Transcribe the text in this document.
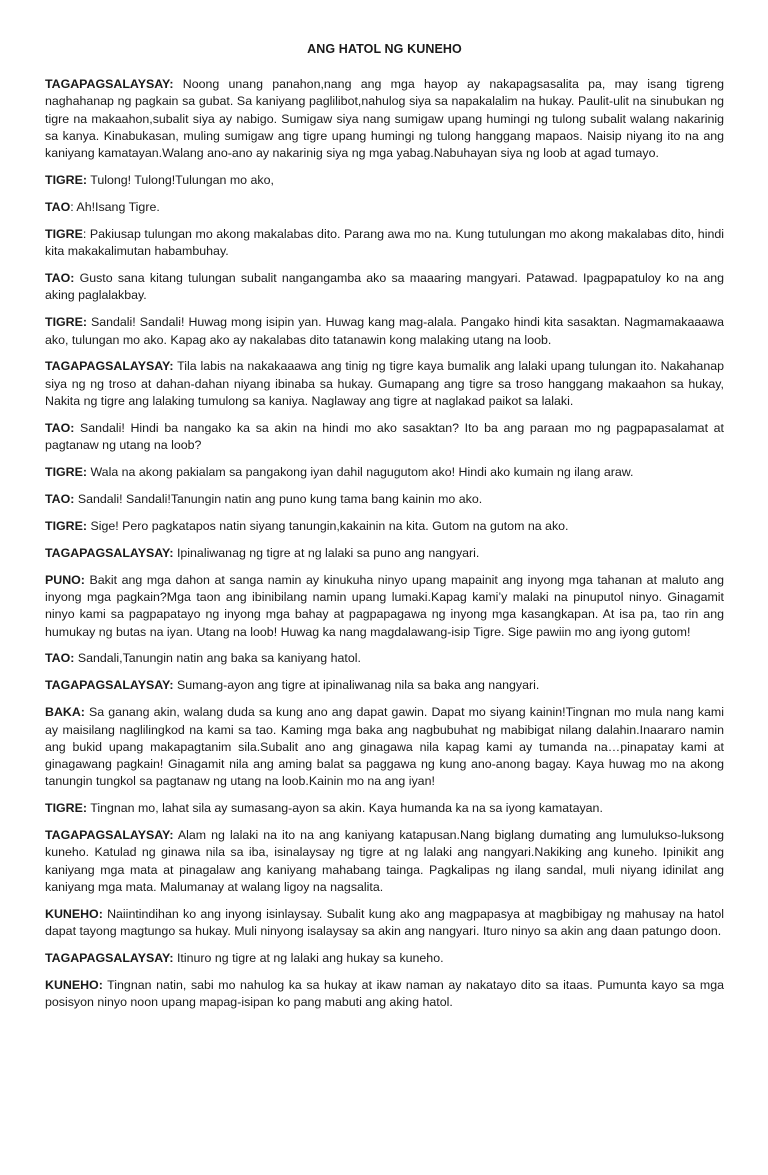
ANG HATOL NG KUNEHO

TAGAPAGSALAYSAY: Noong unang panahon,nang ang mga hayop ay nakapagsasalita pa, may isang tigreng naghahanap ng pagkain sa gubat. Sa kaniyang paglilibot,nahulog siya sa napakalalim na hukay. Paulit-ulit na sinubukan ng tigre na makaahon,subalit siya ay nabigo. Sumigaw siya nang sumigaw upang humingi ng tulong subalit walang nakarinig sa kanya. Kinabukasan, muling sumigaw ang tigre upang humingi ng tulong hanggang mapaos. Naisip niyang ito na ang kaniyang kamatayan.Walang ano-ano ay nakarinig siya ng mga yabag.Nabuhayan siya ng loob at agad tumayo.

TIGRE: Tulong! Tulong!Tulungan mo ako,

TAO: Ah!Isang Tigre.

TIGRE: Pakiusap tulungan mo akong makalabas dito. Parang awa mo na. Kung tutulungan mo akong makalabas dito, hindi kita makakalimutan habambuhay.

TAO: Gusto sana kitang tulungan subalit nangangamba ako sa maaaring mangyari. Patawad. Ipagpapatuloy ko na ang aking paglalakbay.

TIGRE: Sandali! Sandali! Huwag mong isipin yan. Huwag kang mag-alala. Pangako hindi kita sasaktan. Nagmamakaaawa ako, tulungan mo ako. Kapag ako ay nakalabas dito tatanawin kong malaking utang na loob.

TAGAPAGSALAYSAY: Tila labis na nakakaaawa ang tinig ng tigre kaya bumalik ang lalaki upang tulungan ito. Nakahanap siya ng ng troso at dahan-dahan niyang ibinaba sa hukay. Gumapang ang tigre sa troso hanggang makaahon sa hukay, Nakita ng tigre ang lalaking tumulong sa kaniya. Naglaway ang tigre at naglakad paikot sa lalaki.

TAO: Sandali! Hindi ba nangako ka sa akin na hindi mo ako sasaktan? Ito ba ang paraan mo ng pagpapasalamat at pagtanaw ng utang na loob?

TIGRE: Wala na akong pakialam sa pangakong iyan dahil nagugutom ako! Hindi ako kumain ng ilang araw.

TAO: Sandali! Sandali!Tanungin natin ang puno kung tama bang kainin mo ako.

TIGRE: Sige! Pero pagkatapos natin siyang tanungin,kakainin na kita. Gutom na gutom na ako.

TAGAPAGSALAYSAY: Ipinaliwanag ng tigre at ng lalaki sa puno ang nangyari.

PUNO: Bakit ang mga dahon at sanga namin ay kinukuha ninyo upang mapainit ang inyong mga tahanan at maluto ang inyong mga pagkain?Mga taon ang ibinibilang namin upang lumaki.Kapag kami’y malaki na pinuputol ninyo. Ginagamit ninyo kami sa pagpapatayo ng inyong mga bahay at pagpapagawa ng inyong mga kasangkapan. At isa pa, tao rin ang humukay ng butas na iyan. Utang na loob! Huwag ka nang magdalawang-isip Tigre. Sige pawiin mo ang iyong gutom!

TAO: Sandali,Tanungin natin ang baka sa kaniyang hatol.

TAGAPAGSALAYSAY: Sumang-ayon ang tigre at ipinaliwanag nila sa baka ang nangyari.

BAKA: Sa ganang akin, walang duda sa kung ano ang dapat gawin. Dapat mo siyang kainin!Tingnan mo mula nang kami ay maisilang naglilingkod na kami sa tao. Kaming mga baka ang nagbubuhat ng mabibigat nilang dalahin.Inaararo namin ang bukid upang makapagtanim sila.Subalit ano ang ginagawa nila kapag kami ay tumanda na…pinapatay kami at ginagawang pagkain! Ginagamit nila ang aming balat sa paggawa ng kung ano-anong bagay. Kaya huwag mo na akong tanungin tungkol sa pagtanaw ng utang na loob.Kainin mo na ang iyan!

TIGRE: Tingnan mo, lahat sila ay sumasang-ayon sa akin. Kaya humanda ka na sa iyong kamatayan.

TAGAPAGSALAYSAY: Alam ng lalaki na ito na ang kaniyang katapusan.Nang biglang dumating ang lumulukso-luksong kuneho. Katulad ng ginawa nila sa iba, isinalaysay ng tigre at ng lalaki ang nangyari.Nakiking ang kuneho. Ipinikit ang kaniyang mga mata at pinagalaw ang kaniyang mahabang tainga. Pagkalipas ng ilang sandal, muli niyang idinilat ang kaniyang mga mata. Malumanay at walang ligoy na nagsalita.

KUNEHO: Naiintindihan ko ang inyong isinlaysay. Subalit kung ako ang magpapasya at magbibigay ng mahusay na hatol dapat tayong magtungo sa hukay. Muli ninyong isalaysay sa akin ang nangyari. Ituro ninyo sa akin ang daan patungo doon.

TAGAPAGSALAYSAY: Itinuro ng tigre at ng lalaki ang hukay sa kuneho.

KUNEHO: Tingnan natin, sabi mo nahulog ka sa hukay at ikaw naman ay nakatayo dito sa itaas. Pumunta kayo sa mga posisyon ninyo noon upang mapag-isipan ko pang mabuti ang aking hatol.
